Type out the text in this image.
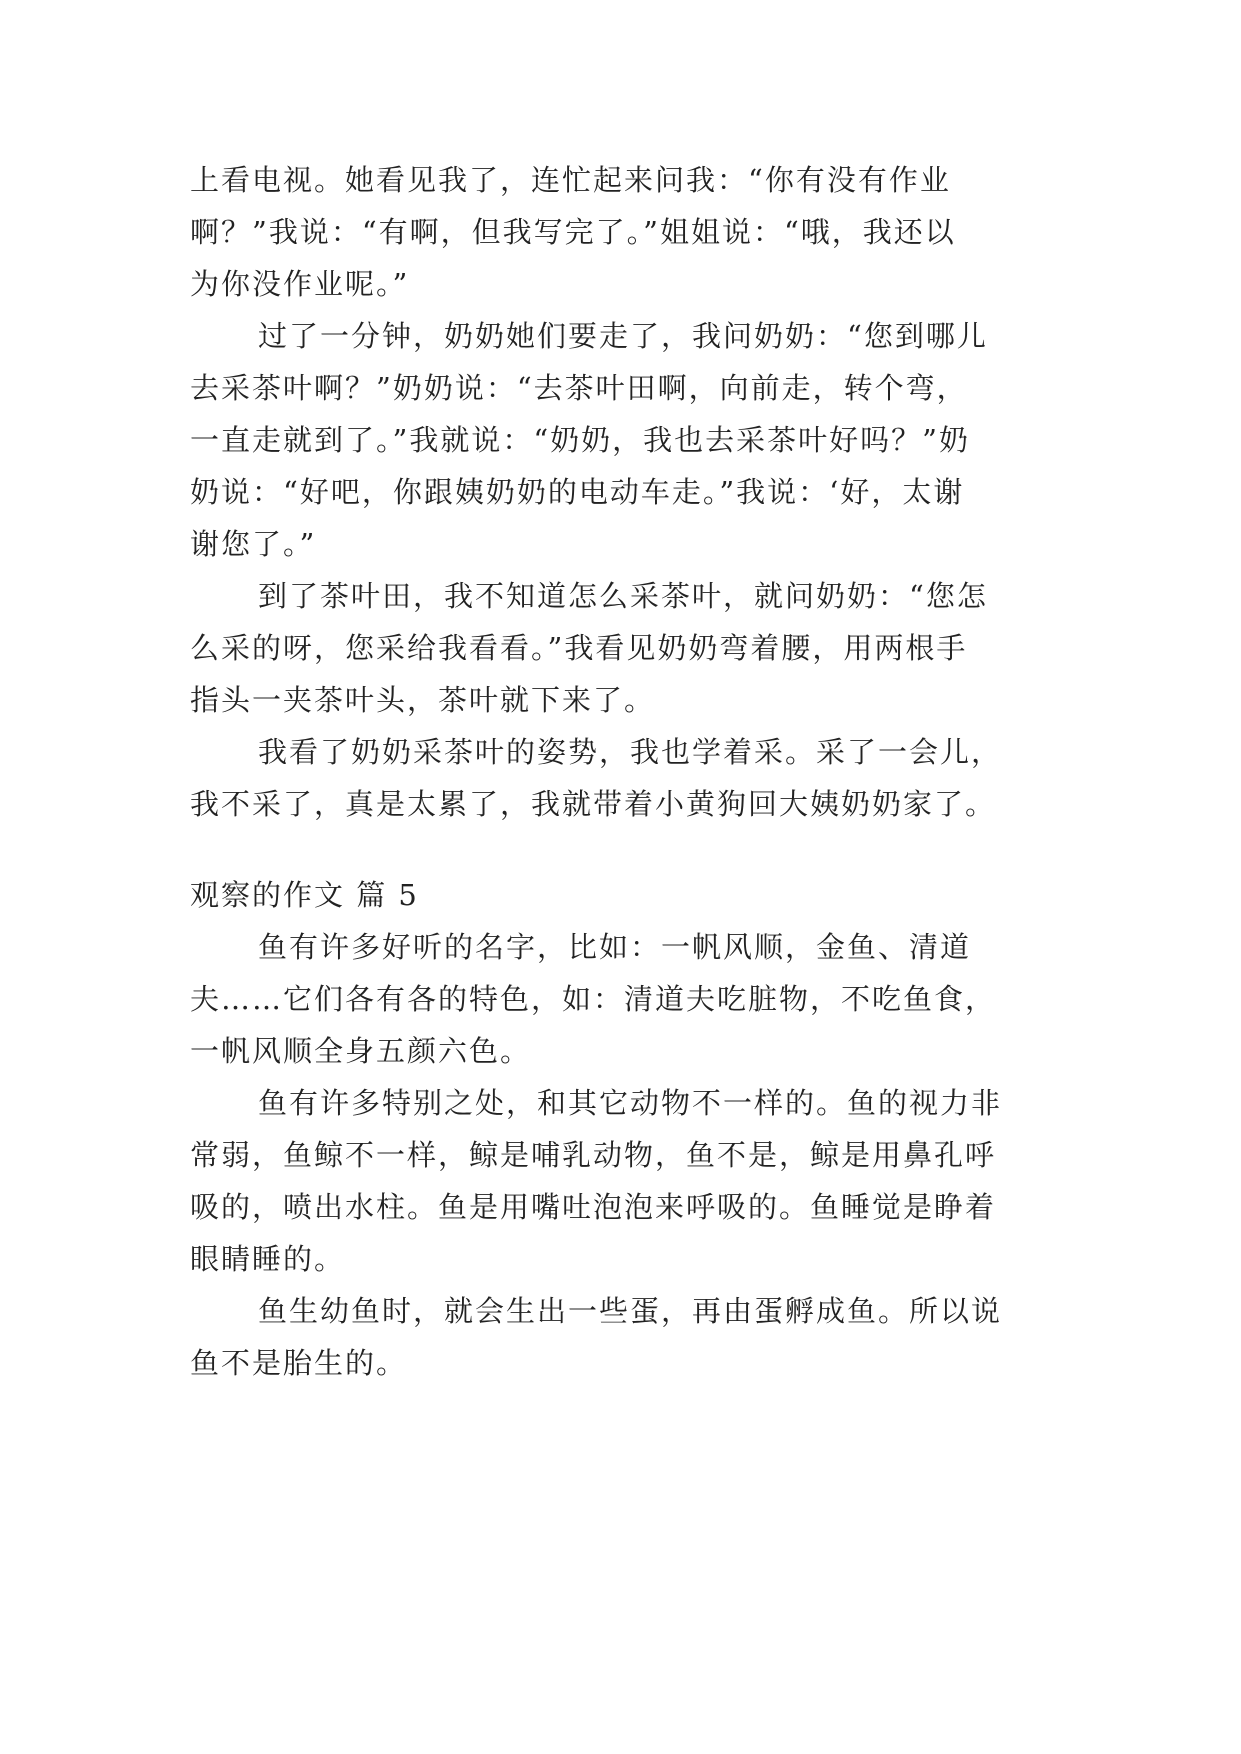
上看电视。她看见我了，连忙起来问我：“你有没有作业
啊？”我说：“有啊，但我写完了。”姐姐说：“哦，我还以
为你没作业呢。”
过了一分钟，奶奶她们要走了，我问奶奶：“您到哪儿
去采茶叶啊？”奶奶说：“去茶叶田啊，向前走，转个弯，
一直走就到了。”我就说：“奶奶，我也去采茶叶好吗？”奶
奶说：“好吧，你跟姨奶奶的电动车走。”我说：‘好，太谢
谢您了。”
到了茶叶田，我不知道怎么采茶叶，就问奶奶：“您怎
么采的呀，您采给我看看。”我看见奶奶弯着腰，用两根手
指头一夹茶叶头，茶叶就下来了。
我看了奶奶采茶叶的姿势，我也学着采。采了一会儿，
我不采了，真是太累了，我就带着小黄狗回大姨奶奶家了。
观察的作文 篇 5
鱼有许多好听的名字，比如：一帆风顺，金鱼、清道
夫……它们各有各的特色，如：清道夫吃脏物，不吃鱼食，
一帆风顺全身五颜六色。
鱼有许多特别之处，和其它动物不一样的。鱼的视力非
常弱，鱼鲸不一样，鲸是哺乳动物，鱼不是，鲸是用鼻孔呼
吸的，喷出水柱。鱼是用嘴吐泡泡来呼吸的。鱼睡觉是睁着
眼睛睡的。
鱼生幼鱼时，就会生出一些蛋，再由蛋孵成鱼。所以说
鱼不是胎生的。
